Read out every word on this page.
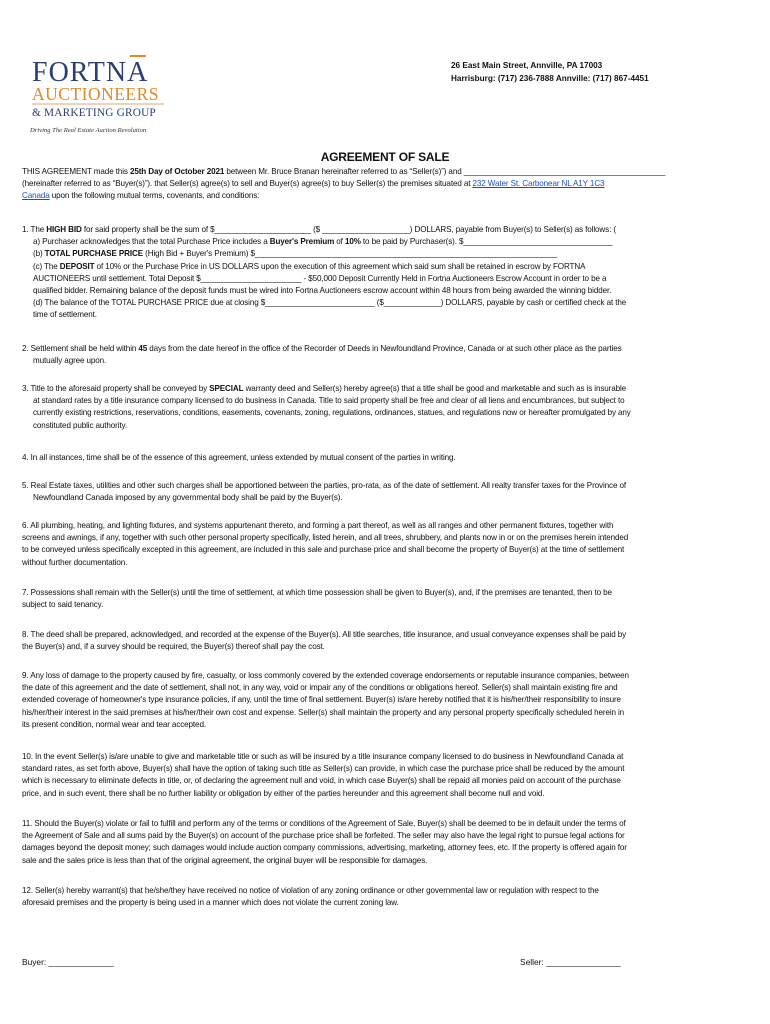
FORTNA
AUCTIONEERS
& MARKETING GROUP
Driving The Real Estate Auction Revolution
26 East Main Street, Annville, PA 17003
Harrisburg: (717) 236-7888 Annville: (717) 867-4451
AGREEMENT OF SALE

THIS AGREEMENT made this 25th Day of October 2021 between Mr. Bruce Branan hereinafter referred to as “Seller(s)”) and ______________________________________________

(hereinafter referred to as “Buyer(s)”). that Seller(s) agree(s) to sell and Buyer(s) agree(s) to buy Seller(s) the premises situated at 232 Water St. Carbonear NL A1Y 1C3

Canada upon the following mutual terms, covenants, and conditions:

1. The HIGH BID for said property shall be the sum of $______________________ ($ ____________________) DOLLARS, payable from Buyer(s) to Seller(s) as follows: (

a) Purchaser acknowledges that the total Purchase Price includes a Buyer's Premium of 10% to be paid by Purchaser(s). $__________________________________

(b) TOTAL PURCHASE PRICE (High Bid + Buyer's Premium) $_____________________________________________________________________

(c) The DEPOSIT of 10% or the Purchase Price in US DOLLARS upon the execution of this agreement which said sum shall be retained in escrow by FORTNA

AUCTIONEERS until settlement. Total Deposit $_______________________ - $50,000 Deposit Currently Held in Fortna Auctioneers Escrow Account in order to be a

qualified bidder. Remaining balance of the deposit funds must be wired into Fortna Auctioneers escrow account within 48 hours from being awarded the winning bidder.

(d) The balance of the TOTAL PURCHASE PRICE due at closing $_________________________ ($_____________) DOLLARS, payable by cash or certified check at the

time of settlement.

2. Settlement shall be held within 45 days from the date hereof in the office of the Recorder of Deeds in Newfoundland Province, Canada or at such other place as the parties

mutually agree upon.

3. Title to the aforesaid property shall be conveyed by SPECIAL warranty deed and Seller(s) hereby agree(s) that a title shall be good and marketable and such as is insurable

at standard rates by a title insurance company licensed to do business in Canada. Title to said property shall be free and clear of all liens and encumbrances, but subject to

currently existing restrictions, reservations, conditions, easements, covenants, zoning, regulations, ordinances, statues, and regulations now or hereafter promulgated by any

constituted public authority.

4. In all instances, time shall be of the essence of this agreement, unless extended by mutual consent of the parties in writing.

5. Real Estate taxes, utilities and other such charges shall be apportioned between the parties, pro-rata, as of the date of settlement. All realty transfer taxes for the Province of

Newfoundland Canada imposed by any governmental body shall be paid by the Buyer(s).

6. All plumbing, heating, and lighting fixtures, and systems appurtenant thereto, and forming a part thereof, as well as all ranges and other permanent fixtures, together with

screens and awnings, if any, together with such other personal property specifically, listed herein, and all trees, shrubbery, and plants now in or on the premises herein intended

to be conveyed unless specifically excepted in this agreement, are included in this sale and purchase price and shall become the property of Buyer(s) at the time of settlement

without further documentation.

7. Possessions shall remain with the Seller(s) until the time of settlement, at which time possession shall be given to Buyer(s), and, if the premises are tenanted, then to be

subject to said tenancy.

8. The deed shall be prepared, acknowledged, and recorded at the expense of the Buyer(s). All title searches, title insurance, and usual conveyance expenses shall be paid by

the Buyer(s) and, if a survey should be required, the Buyer(s) thereof shall pay the cost.

9. Any loss of damage to the property caused by fire, casualty, or loss commonly covered by the extended coverage endorsements or reputable insurance companies, between

the date of this agreement and the date of settlement, shall not, in any way, void or impair any of the conditions or obligations hereof. Seller(s) shall maintain existing fire and

extended coverage of homeowner's type insurance policies, if any, until the time of final settlement. Buyer(s) is/are hereby notified that it is his/her/their responsibility to insure

his/her/their interest in the said premises at his/her/their own cost and expense. Seller(s) shall maintain the property and any personal property specifically scheduled herein in

its present condition, normal wear and tear accepted.

10. In the event Seller(s) is/are unable to give and marketable title or such as will be insured by a title insurance company licensed to do business in Newfoundland Canada at

standard rates, as set forth above, Buyer(s) shall have the option of taking such title as Seller(s) can provide, in which case the purchase price shall be reduced by the amount

which is necessary to eliminate defects in title, or, of declaring the agreement null and void, in which case Buyer(s) shall be repaid all monies paid on account of the purchase

price, and in such event, there shall be no further liability or obligation by either of the parties hereunder and this agreement shall become null and void.

11. Should the Buyer(s) violate or fail to fulfill and perform any of the terms or conditions of the Agreement of Sale, Buyer(s) shall be deemed to be in default under the terms of

the Agreement of Sale and all sums paid by the Buyer(s) on account of the purchase price shall be forfeited. The seller may also have the legal right to pursue legal actions for

damages beyond the deposit money; such damages would include auction company commissions, advertising, marketing, attorney fees, etc. If the property is offered again for

sale and the sales price is less than that of the original agreement, the original buyer will be responsible for damages.

12. Seller(s) hereby warrant(s) that he/she/they have received no notice of violation of any zoning ordinance or other governmental law or regulation with respect to the

aforesaid premises and the property is being used in a manner which does not violate the current zoning law.

Buyer: ______________	Seller: ________________
